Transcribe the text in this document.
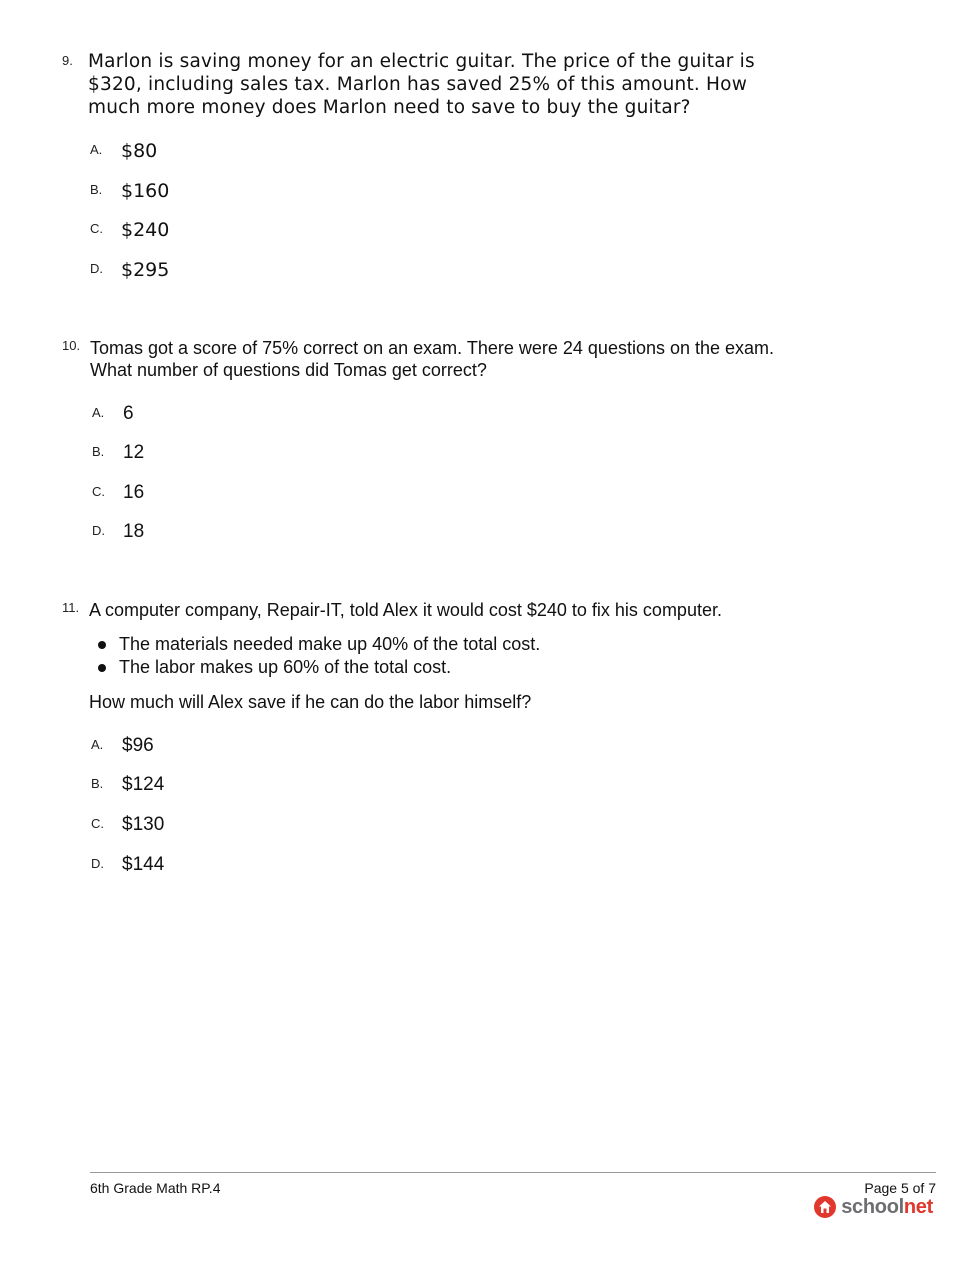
9. Marlon is saving money for an electric guitar. The price of the guitar is
$320, including sales tax. Marlon has saved 25% of this amount. How
much more money does Marlon need to save to buy the guitar?
A. $80
B. $160
C. $240
D. $295
10. Tomas got a score of 75% correct on an exam. There were 24 questions on the exam.
What number of questions did Tomas get correct?
A. 6
B. 12
C. 16
D. 18
11. A computer company, Repair-IT, told Alex it would cost $240 to fix his computer.
The materials needed make up 40% of the total cost.
The labor makes up 60% of the total cost.
How much will Alex save if he can do the labor himself?
A. $96
B. $124
C. $130
D. $144
6th Grade Math RP.4	Page 5 of 7
schoolnet
